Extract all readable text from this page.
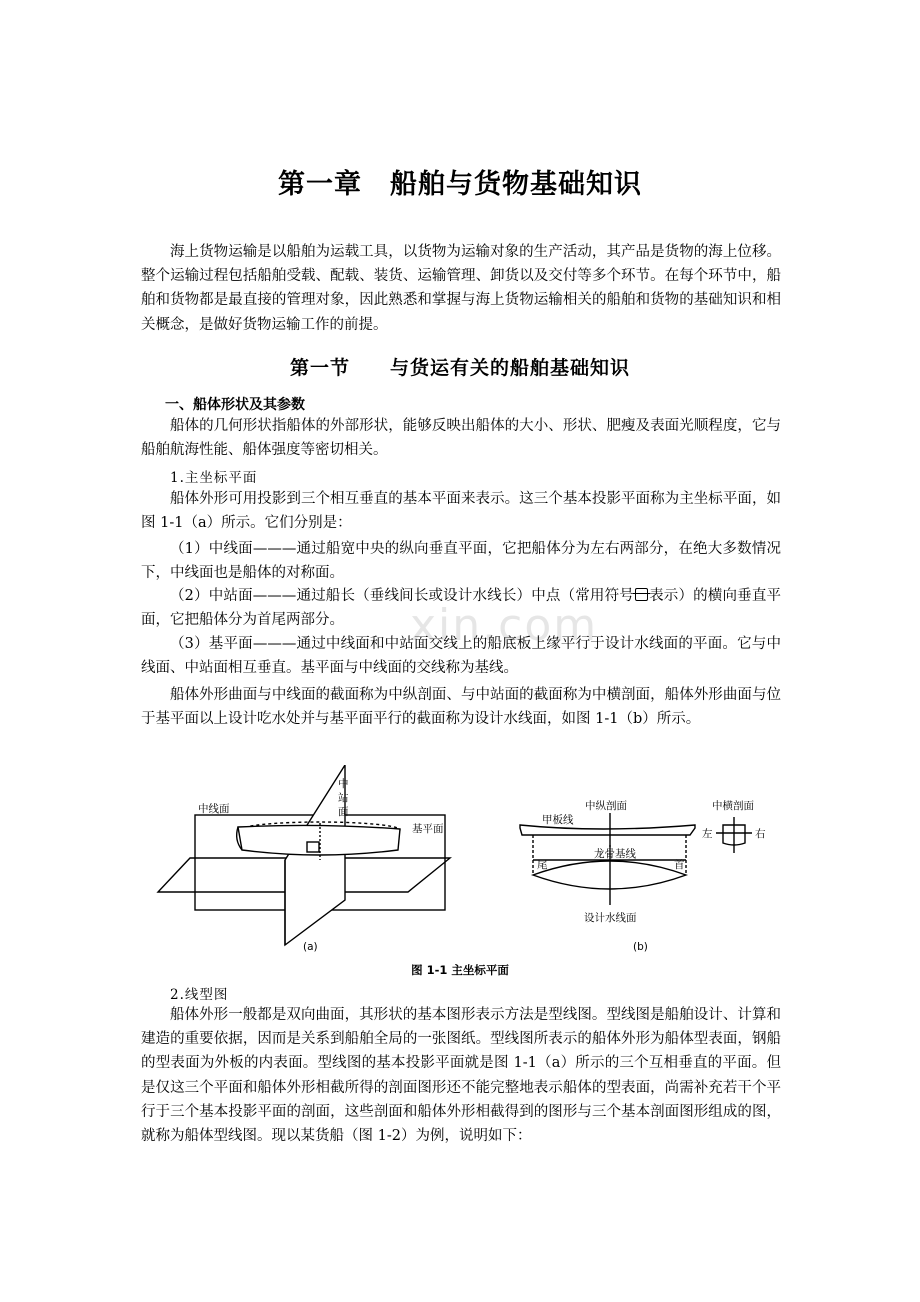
xin.com
第一章　船舶与货物基础知识

海上货物运输是以船舶为运载工具，以货物为运输对象的生产活动，其产品是货物的海上位移。整个运输过程包括船舶受载、配载、装货、运输管理、卸货以及交付等多个环节。在每个环节中，船舶和货物都是最直接的管理对象，因此熟悉和掌握与海上货物运输相关的船舶和货物的基础知识和相关概念，是做好货物运输工作的前提。

第一节　　与货运有关的船舶基础知识
一、船体形状及其参数

船体的几何形状指船体的外部形状，能够反映出船体的大小、形状、肥瘦及表面光顺程度，它与船舶航海性能、船体强度等密切相关。

1.主坐标平面

船体外形可用投影到三个相互垂直的基本平面来表示。这三个基本投影平面称为主坐标平面，如图 1-1（a）所示。它们分别是：

（1）中线面———通过船宽中央的纵向垂直平面，它把船体分为左右两部分，在绝大多数情况下，中线面也是船体的对称面。

（2）中站面———通过船长（垂线间长或设计水线长）中点（常用符号 表示）的横向垂直平面，它把船体分为首尾两部分。

（3）基平面———通过中线面和中站面交线上的船底板上缘平行于设计水线面的平面。它与中线面、中站面相互垂直。基平面与中线面的交线称为基线。

船体外形曲面与中线面的截面称为中纵剖面、与中站面的截面称为中横剖面，船体外形曲面与位于基平面以上设计吃水处并与基平面平行的截面称为设计水线面，如图 1-1（b）所示。

中线面
中
站
面
基平面
(a)
甲板线
中纵剖面	中横剖面
左	右
龙骨基线
尾	首
设计水线面
(b)
图 1-1 主坐标平面
2.线型图

船体外形一般都是双向曲面，其形状的基本图形表示方法是型线图。型线图是船舶设计、计算和建造的重要依据，因而是关系到船舶全局的一张图纸。型线图所表示的船体外形为船体型表面，钢船的型表面为外板的内表面。型线图的基本投影平面就是图 1-1（a）所示的三个互相垂直的平面。但是仅这三个平面和船体外形相截所得的剖面图形还不能完整地表示船体的型表面，尚需补充若干个平行于三个基本投影平面的剖面，这些剖面和船体外形相截得到的图形与三个基本剖面图形组成的图，就称为船体型线图。现以某货船（图 1-2）为例，说明如下：
